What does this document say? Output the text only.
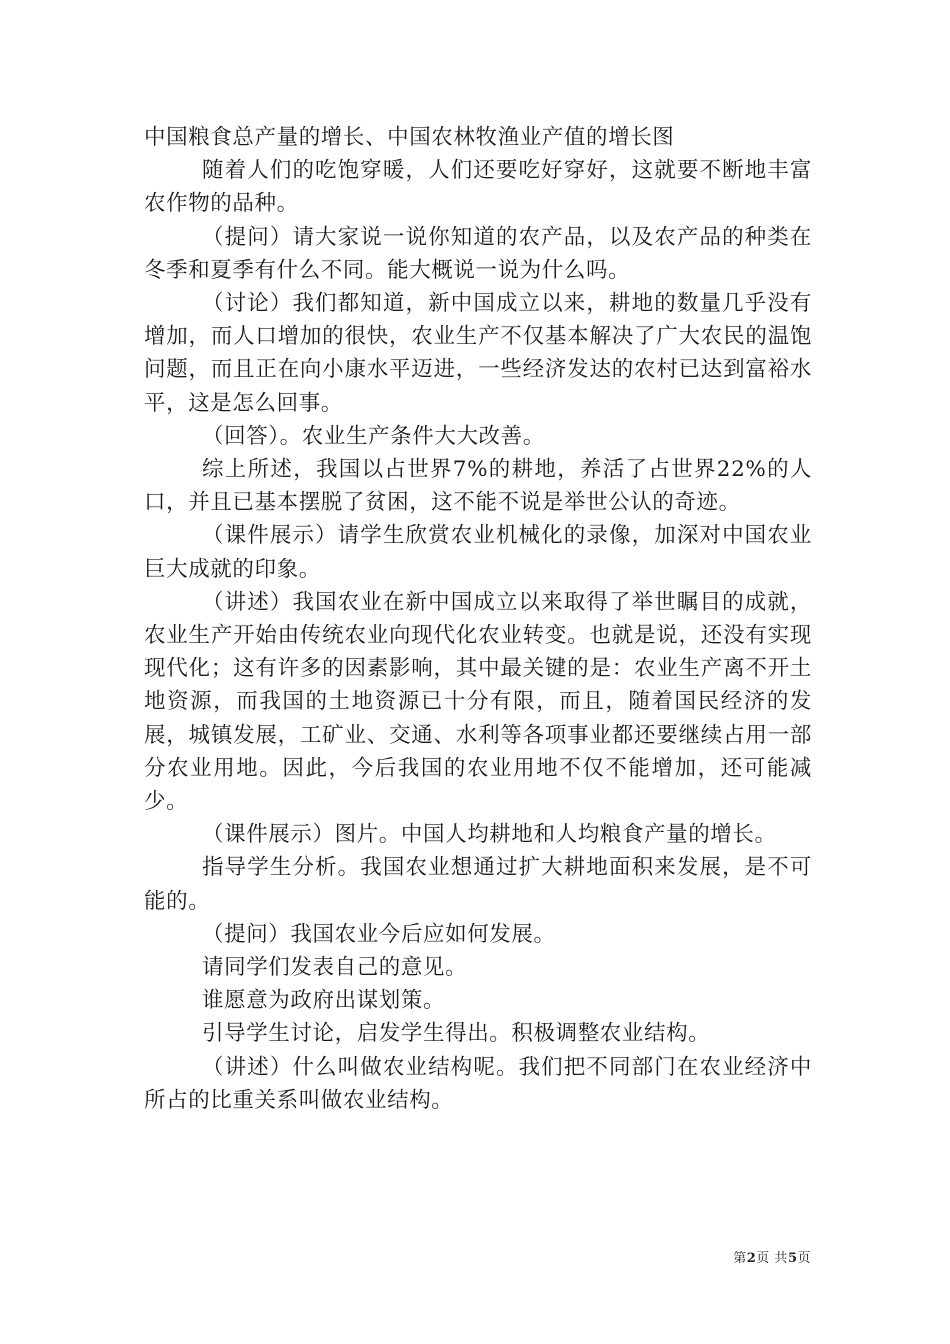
中国粮食总产量的增长、中国农林牧渔业产值的增长图

随着人们的吃饱穿暖，人们还要吃好穿好，这就要不断地丰富农作物的品种。

（提问）请大家说一说你知道的农产品，以及农产品的种类在冬季和夏季有什么不同。能大概说一说为什么吗。

（讨论）我们都知道，新中国成立以来，耕地的数量几乎没有增加，而人口增加的很快，农业生产不仅基本解决了广大农民的温饱问题，而且正在向小康水平迈进，一些经济发达的农村已达到富裕水平，这是怎么回事。

（回答）。农业生产条件大大改善。

综上所述，我国以占世界7%的耕地，养活了占世界22%的人口，并且已基本摆脱了贫困，这不能不说是举世公认的奇迹。

（课件展示）请学生欣赏农业机械化的录像，加深对中国农业巨大成就的印象。

（讲述）我国农业在新中国成立以来取得了举世瞩目的成就，农业生产开始由传统农业向现代化农业转变。也就是说，还没有实现现代化；这有许多的因素影响，其中最关键的是：农业生产离不开土地资源，而我国的土地资源已十分有限，而且，随着国民经济的发展，城镇发展，工矿业、交通、水利等各项事业都还要继续占用一部分农业用地。因此，今后我国的农业用地不仅不能增加，还可能减少。

（课件展示）图片。中国人均耕地和人均粮食产量的增长。

指导学生分析。我国农业想通过扩大耕地面积来发展，是不可能的。

（提问）我国农业今后应如何发展。

请同学们发表自己的意见。

谁愿意为政府出谋划策。

引导学生讨论，启发学生得出。积极调整农业结构。

（讲述）什么叫做农业结构呢。我们把不同部门在农业经济中所占的比重关系叫做农业结构。

第2页 共5页
